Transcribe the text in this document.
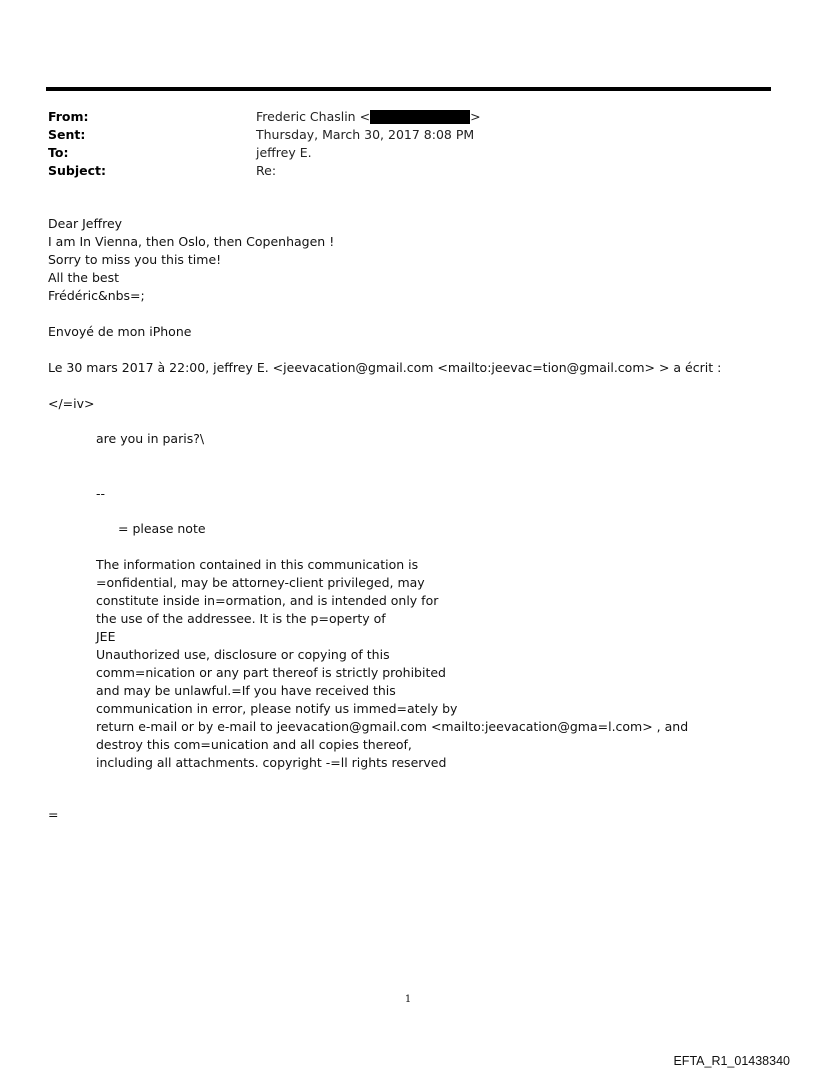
From:	Frederic Chaslin <	>
Sent:	Thursday, March 30, 2017 8:08 PM
To:	jeffrey E.
Subject:	Re:
Dear Jeffrey
I am In Vienna, then Oslo, then Copenhagen !
Sorry to miss you this time!
All the best
Frédéric&nbs=;
Envoyé de mon iPhone
Le 30 mars 2017 à 22:00, jeffrey E. <jeevacation@gmail.com <mailto:jeevac=tion@gmail.com> > a écrit :
</=iv>
are you in paris?\
--
= please note
The information contained in this communication is
=onfidential, may be attorney-client privileged, may
constitute inside in=ormation, and is intended only for
the use of the addressee. It is the p=operty of
JEE
Unauthorized use, disclosure or copying of this
comm=nication or any part thereof is strictly prohibited
and may be unlawful.=If you have received this
communication in error, please notify us immed=ately by
return e-mail or by e-mail to jeevacation@gmail.com <mailto:jeevacation@gma=l.com> , and
destroy this com=unication and all copies thereof,
including all attachments. copyright -=ll rights reserved
=
1
EFTA_R1_01438340
